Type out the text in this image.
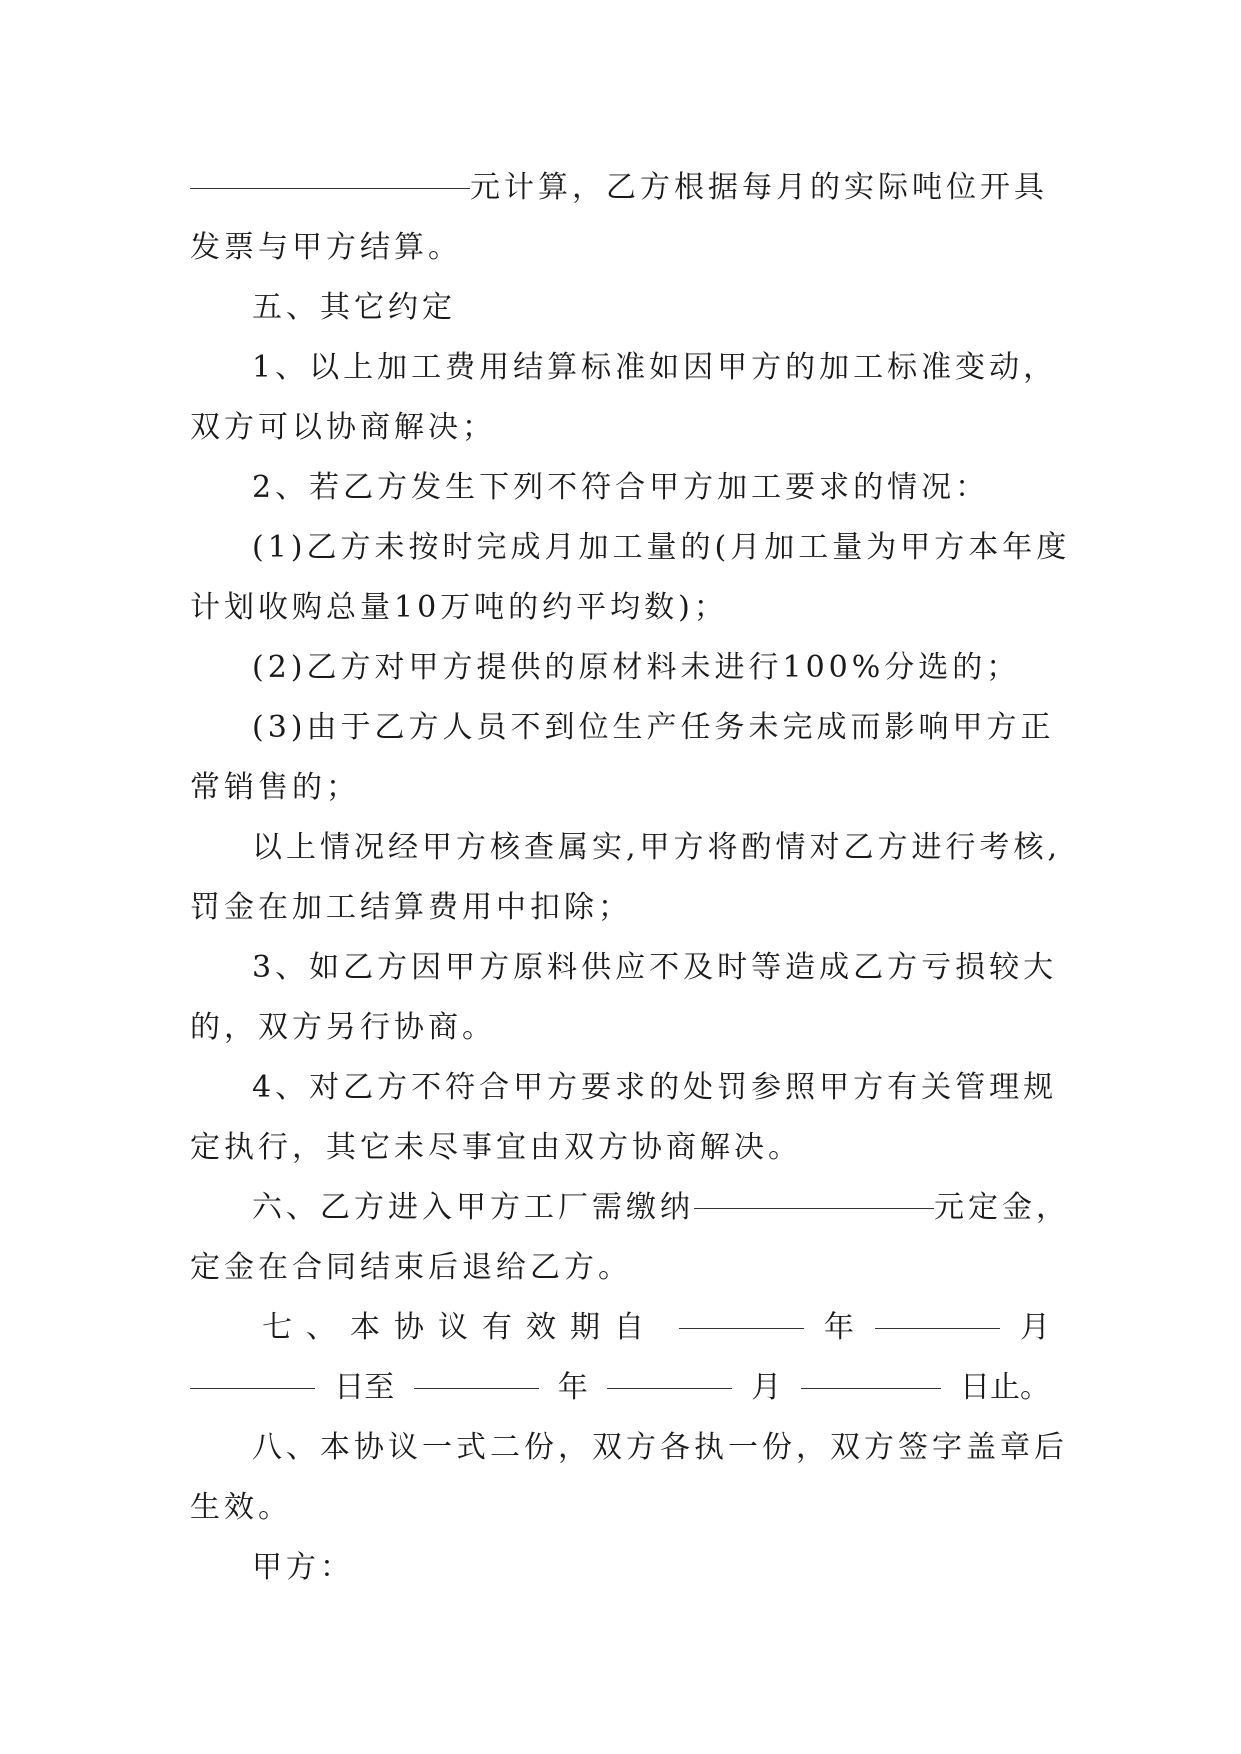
元计算，乙方根据每月的实际吨位开具
发票与甲方结算。
五、其它约定
1、以上加工费用结算标准如因甲方的加工标准变动，
双方可以协商解决；
2、若乙方发生下列不符合甲方加工要求的情况：
(1)乙方未按时完成月加工量的(月加工量为甲方本年度
计划收购总量10万吨的约平均数)；
(2)乙方对甲方提供的原材料未进行100%分选的；
(3)由于乙方人员不到位生产任务未完成而影响甲方正
常销售的；
以上情况经甲方核查属实,甲方将酌情对乙方进行考核,
罚金在加工结算费用中扣除；
3、如乙方因甲方原料供应不及时等造成乙方亏损较大
的，双方另行协商。
4、对乙方不符合甲方要求的处罚参照甲方有关管理规
定执行，其它未尽事宜由双方协商解决。
六、乙方进入甲方工厂需缴纳	元定金，
定金在合同结束后退给乙方。
七、本协议有效期自	年	月
日至	年	月	日止。
八、本协议一式二份，双方各执一份，双方签字盖章后
生效。
甲方：
